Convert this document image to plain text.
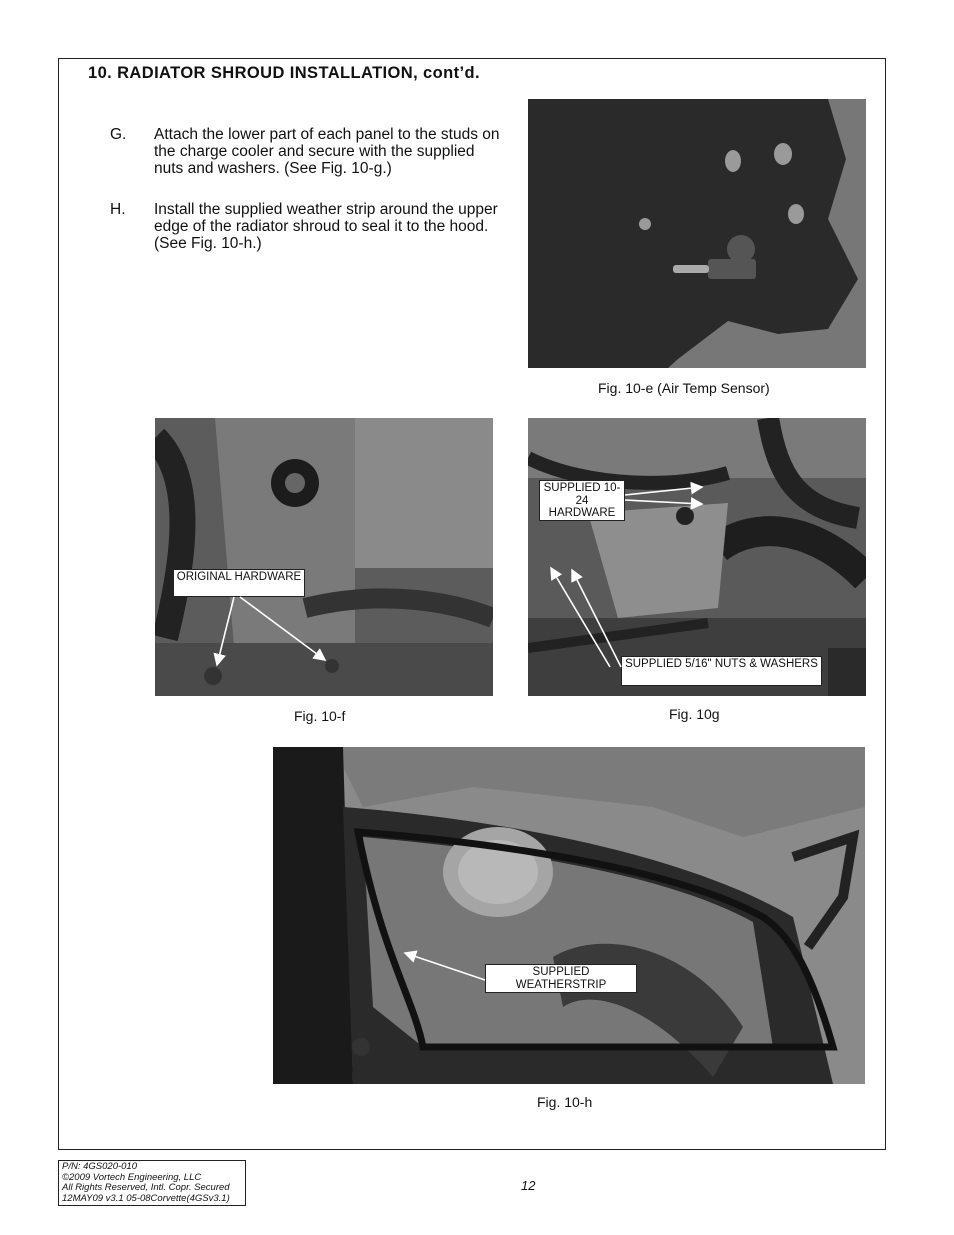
10. RADIATOR SHROUD INSTALLATION, cont’d.
G. Attach the lower part of each panel to the studs on the charge cooler and secure with the supplied nuts and washers. (See Fig. 10-g.)
H. Install the supplied weather strip around the upper edge of the radiator shroud to seal it to the hood. (See Fig. 10-h.)
Fig. 10-e (Air Temp Sensor)
ORIGINAL HARDWARE
Fig. 10-f
SUPPLIED 10-24 HARDWARE
SUPPLIED 5/16" NUTS & WASHERS
Fig. 10g
SUPPLIED WEATHERSTRIP
Fig. 10-h
P/N: 4GS020-010
©2009 Vortech Engineering, LLC
All Rights Reserved, Intl. Copr. Secured
12MAY09 v3.1 05-08Corvette(4GSv3.1)
12
